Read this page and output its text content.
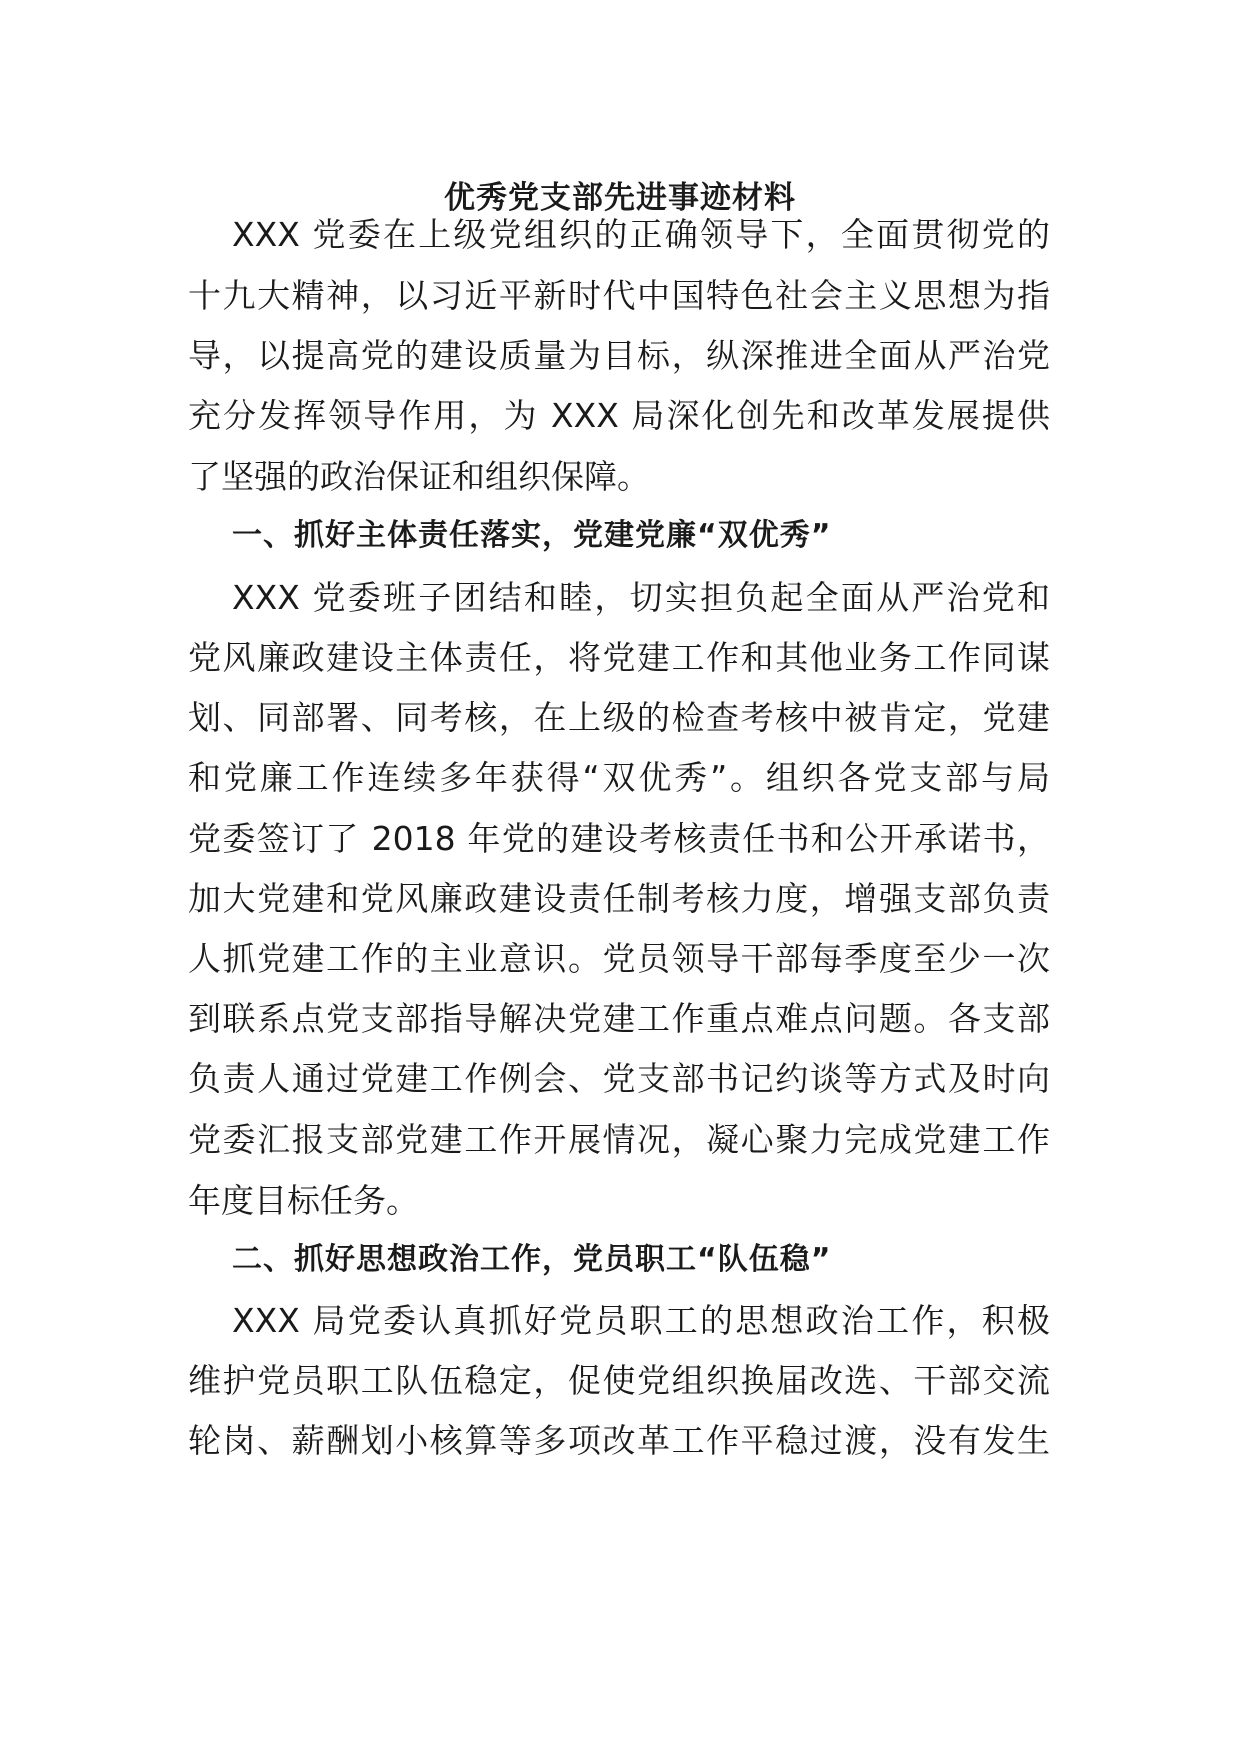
优秀党支部先进事迹材料
XXX 党委在上级党组织的正确领导下，全面贯彻党的
十九大精神，以习近平新时代中国特色社会主义思想为指
导，以提高党的建设质量为目标，纵深推进全面从严治党
充分发挥领导作用，为 XXX 局深化创先和改革发展提供
了坚强的政治保证和组织保障。
一、抓好主体责任落实，党建党廉“双优秀”
XXX 党委班子团结和睦，切实担负起全面从严治党和
党风廉政建设主体责任，将党建工作和其他业务工作同谋
划、同部署、同考核，在上级的检查考核中被肯定，党建
和党廉工作连续多年获得“双优秀”。组织各党支部与局
党委签订了 2018 年党的建设考核责任书和公开承诺书，
加大党建和党风廉政建设责任制考核力度，增强支部负责
人抓党建工作的主业意识。党员领导干部每季度至少一次
到联系点党支部指导解决党建工作重点难点问题。各支部
负责人通过党建工作例会、党支部书记约谈等方式及时向
党委汇报支部党建工作开展情况，凝心聚力完成党建工作
年度目标任务。
二、抓好思想政治工作，党员职工“队伍稳”
XXX 局党委认真抓好党员职工的思想政治工作，积极
维护党员职工队伍稳定，促使党组织换届改选、干部交流
轮岗、薪酬划小核算等多项改革工作平稳过渡，没有发生
